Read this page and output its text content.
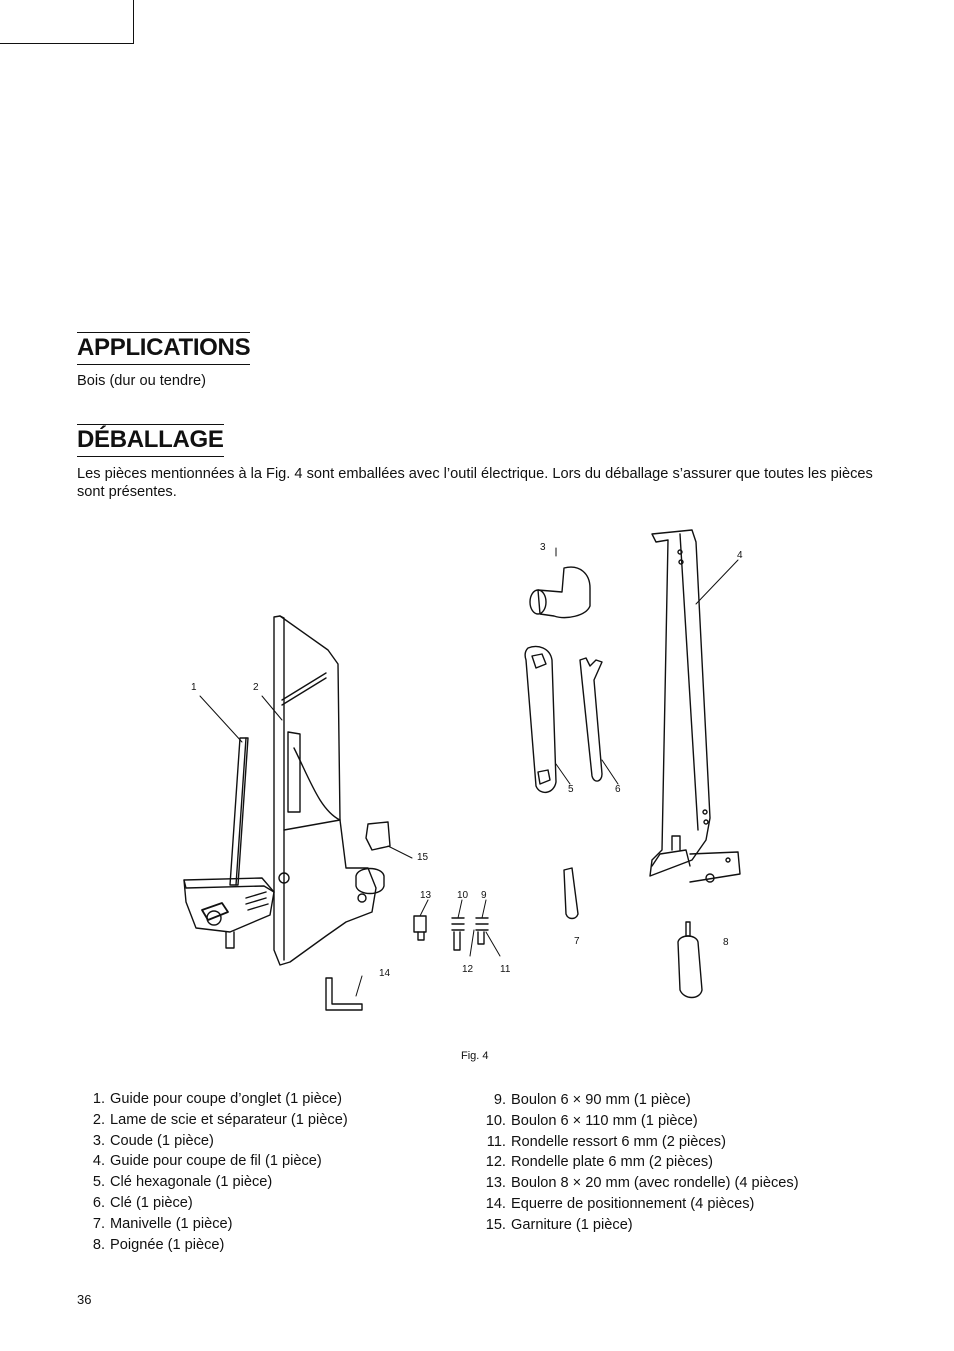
APPLICATIONS

Bois (dur ou tendre)

DÉBALLAGE

Les pièces mentionnées à la Fig. 4 sont emballées avec l’outil électrique. Lors du déballage s’assurer que toutes les pièces sont présentes.

1	2
3
4
5	6
7	8
9
10
11
12
13
14
15
Fig. 4
1. Guide pour coupe d’onglet (1 pièce)
2. Lame de scie et séparateur (1 pièce)
3. Coude (1 pièce)
4. Guide pour coupe de fil (1 pièce)
5. Clé hexagonale (1 pièce)
6. Clé (1 pièce)
7. Manivelle (1 pièce)
8. Poignée (1 pièce)
9. Boulon 6 × 90 mm (1 pièce)
10. Boulon 6 × 110 mm (1 pièce)
11. Rondelle ressort 6 mm (2 pièces)
12. Rondelle plate 6 mm (2 pièces)
13. Boulon 8 × 20 mm (avec rondelle) (4 pièces)
14. Equerre de positionnement (4 pièces)
15. Garniture (1 pièce)
36
